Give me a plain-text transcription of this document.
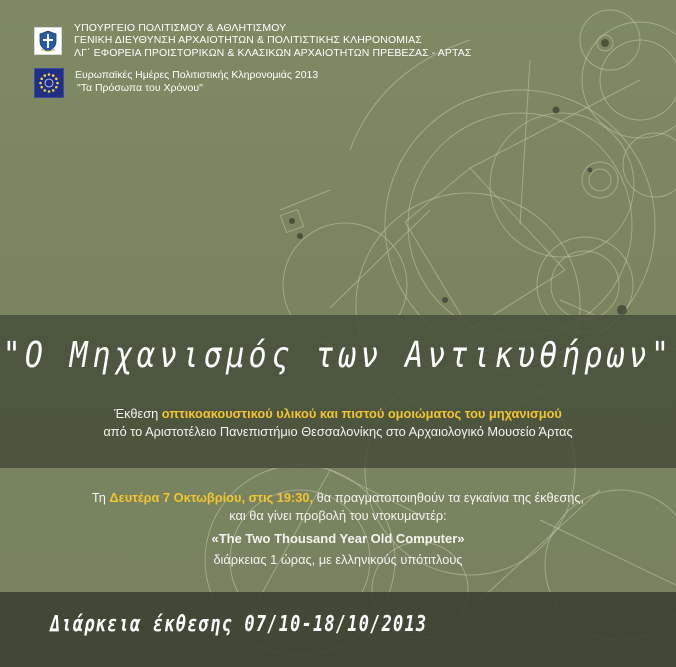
ΥΠΟΥΡΓΕΙΟ ΠΟΛΙΤΙΣΜΟΥ & ΑΘΛΗΤΙΣΜΟΥ
ΓΕΝΙΚΗ ΔΙΕΥΘΥΝΣΗ ΑΡΧΑΙΟΤΗΤΩΝ & ΠΟΛΙΤΙΣΤΙΚΗΣ ΚΛΗΡΟΝΟΜΙΑΣ
ΛΓ΄ ΕΦΟΡΕΙΑ ΠΡΟΙΣΤΟΡΙΚΩΝ & ΚΛΑΣΙΚΩΝ ΑΡΧΑΙΟΤΗΤΩΝ ΠΡΕΒΕΖΑΣ - ΑΡΤΑΣ
Ευρωπαϊκές Ημέρες Πολιτιστικής Κληρονομιάς 2013
"Τα Πρόσωπα του Χρόνου"
"Ο Μηχανισμός των Αντικυθήρων"
Έκθεση οπτικοακουστικού υλικού και πιστού ομοιώματος του μηχανισμού
από το Αριστοτέλειο Πανεπιστήμιο Θεσσαλονίκης στο Αρχαιολογικό Μουσείο Άρτας
Τη Δευτέρα 7 Οκτωβρίου, στις 19:30, θα πραγματοποιηθούν τα εγκαίνια της έκθεσης,
και θα γίνει προβολή του ντοκυμαντέρ:
«The Two Thousand Year Old Computer»
διάρκειας 1 ώρας, με ελληνικούς υπότιτλους
Διάρκεια έκθεσης 07/10-18/10/2013
